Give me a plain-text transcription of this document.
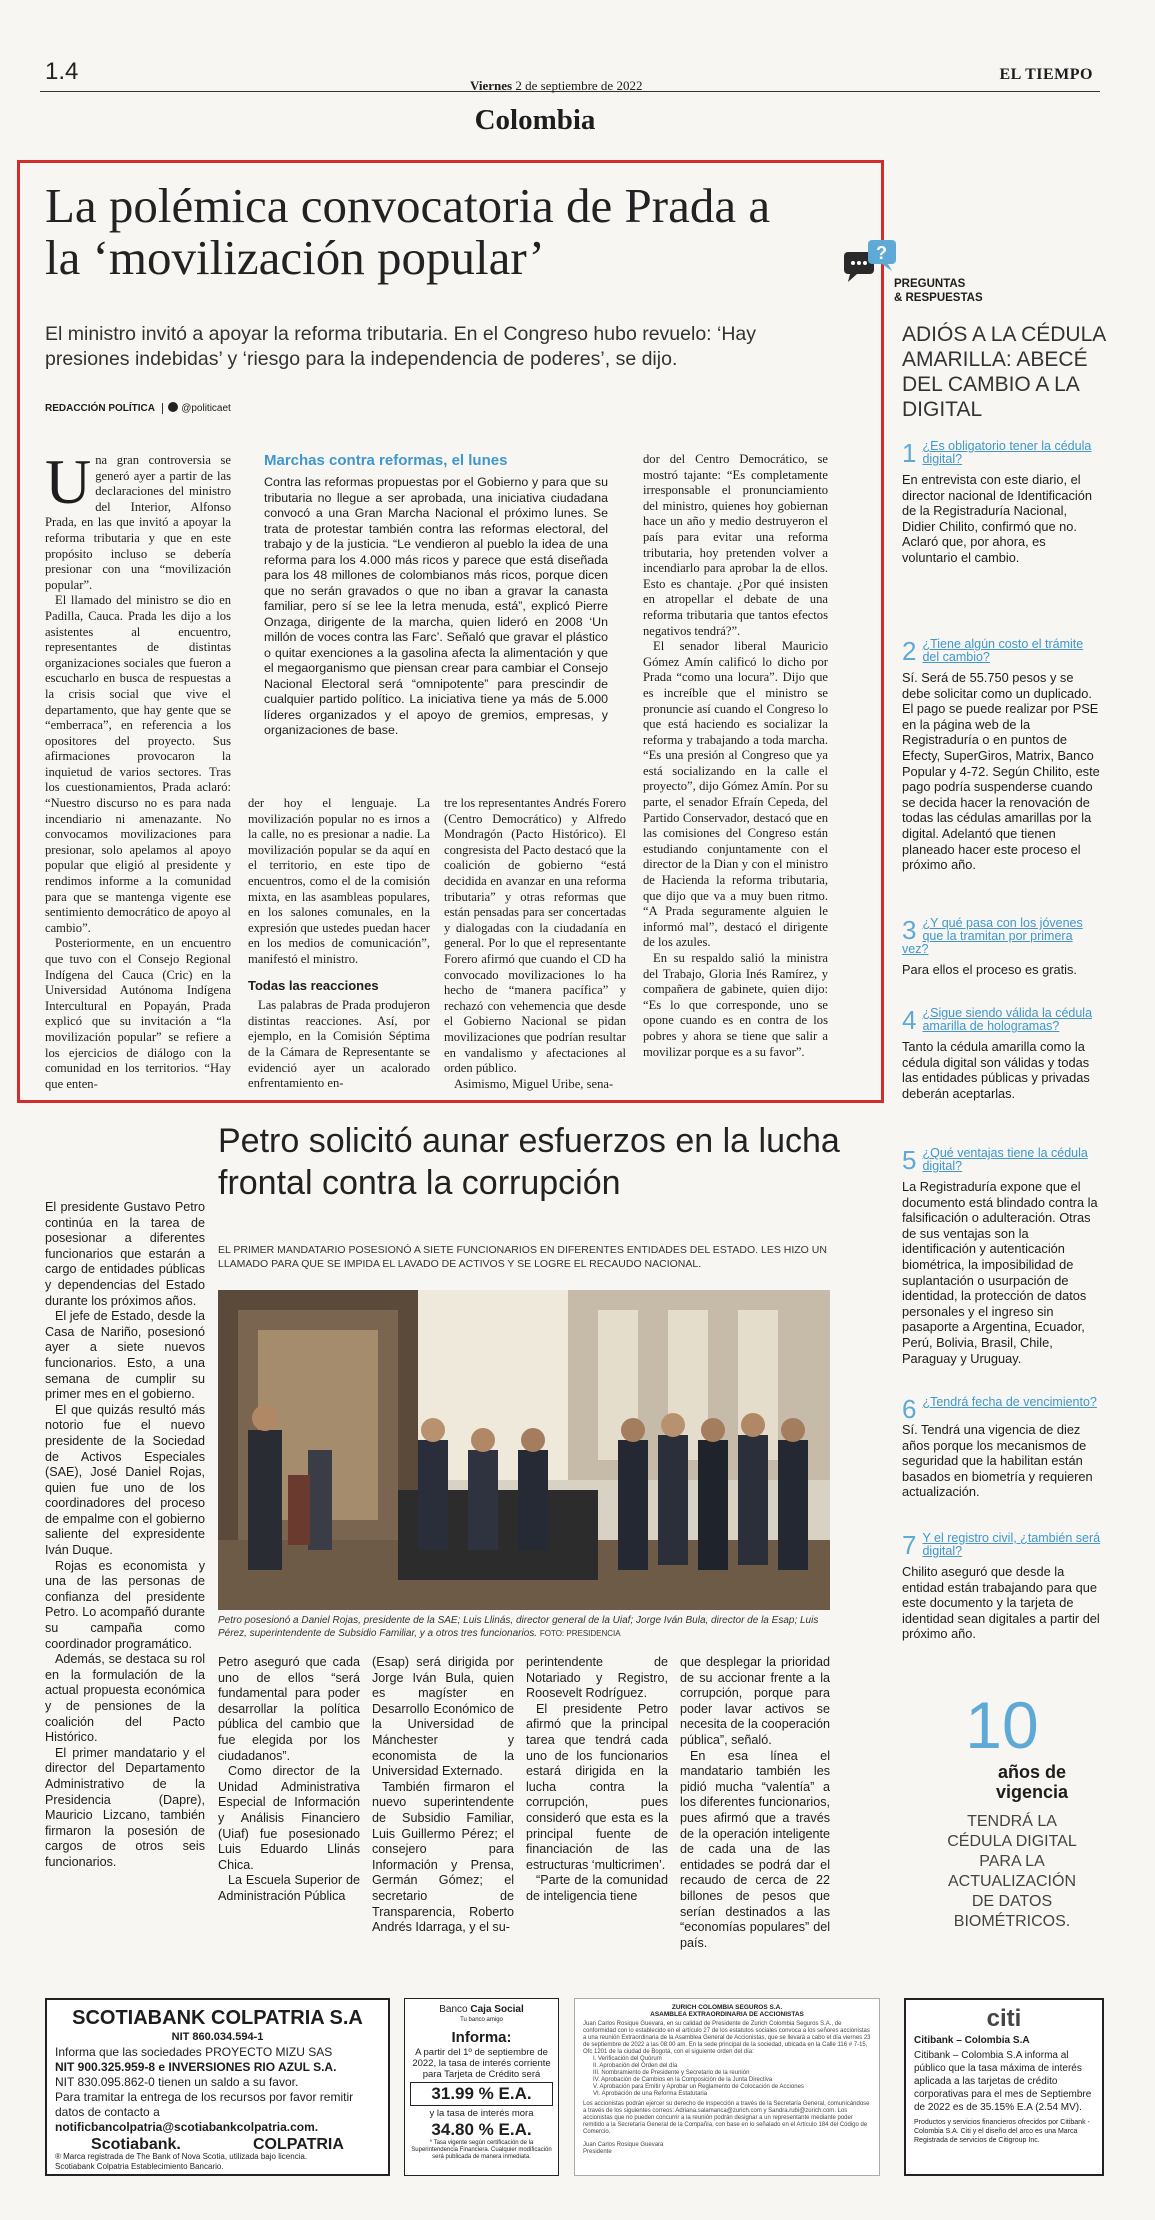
1.4
Viernes 2 de septiembre de 2022
EL TIEMPO
Colombia
La polémica convocatoria de Prada a la ‘movilización popular’
El ministro invitó a apoyar la reforma tributaria. En el Congreso hubo revuelo: ‘Hay presiones indebidas’ y ‘riesgo para la independencia de poderes’, se dijo.
REDACCIÓN POLÍTICA	@politicaet
U na gran controversia se generó ayer a partir de las declaraciones del ministro del Interior, Alfonso Prada, en las que invitó a apoyar la reforma tributaria y que en este propósito incluso se debería presionar con una “movilización popular”.

El llamado del ministro se dio en Padilla, Cauca. Prada les dijo a los asistentes al encuentro, representantes de distintas organizaciones sociales que fueron a escucharlo en busca de respuestas a la crisis social que vive el departamento, que hay gente que se “emberraca”, en referencia a los opositores del proyecto. Sus afirmaciones provocaron la inquietud de varios sectores. Tras los cuestionamientos, Prada aclaró: “Nuestro discurso no es para nada incendiario ni amenazante. No convocamos movilizaciones para presionar, solo apelamos al apoyo popular que eligió al presidente y rendimos informe a la comunidad para que se mantenga vigente ese sentimiento democrático de apoyo al cambio”.

Posteriormente, en un encuentro que tuvo con el Consejo Regional Indígena del Cauca (Cric) en la Universidad Autónoma Indígena Intercultural en Popayán, Prada explicó que su invitación a “la movilización popular” se refiere a los ejercicios de diálogo con la comunidad en los territorios. “Hay que enten-

Marchas contra reformas, el lunes
Contra las reformas propuestas por el Gobierno y para que su tributaria no llegue a ser aprobada, una iniciativa ciudadana convocó a una Gran Marcha Nacional el próximo lunes. Se trata de protestar también contra las reformas electoral, del trabajo y de la justicia. “Le vendieron al pueblo la idea de una reforma para los 4.000 más ricos y parece que está diseñada para los 48 millones de colombianos más ricos, porque dicen que no serán gravados o que no iban a gravar la canasta familiar, pero sí se lee la letra menuda, está”, explicó Pierre Onzaga, dirigente de la marcha, quien lideró en 2008 ‘Un millón de voces contra las Farc’. Señaló que gravar el plástico o quitar exenciones a la gasolina afecta la alimentación y que el megaorganismo que piensan crear para cambiar el Consejo Nacional Electoral será “omnipotente” para prescindir de cualquier partido político. La iniciativa tiene ya más de 5.000 líderes organizados y el apoyo de gremios, empresas, y organizaciones de base.

der hoy el lenguaje. La movilización popular no es irnos a la calle, no es presionar a nadie. La movilización popular se da aquí en el territorio, en este tipo de encuentros, como el de la comisión mixta, en las asambleas populares, en los salones comunales, en la expresión que ustedes puedan hacer en los medios de comunicación”, manifestó el ministro.

Todas las reacciones

Las palabras de Prada produjeron distintas reacciones. Así, por ejemplo, en la Comisión Séptima de la Cámara de Representante se evidenció ayer un acalorado enfrentamiento en-

tre los representantes Andrés Forero (Centro Democrático) y Alfredo Mondragón (Pacto Histórico). El congresista del Pacto destacó que la coalición de gobierno “está decidida en avanzar en una reforma tributaria” y otras reformas que están pensadas para ser concertadas y dialogadas con la ciudadanía en general. Por lo que el representante Forero afirmó que cuando el CD ha convocado movilizaciones lo ha hecho de “manera pacífica” y rechazó con vehemencia que desde el Gobierno Nacional se pidan movilizaciones que podrían resultar en vandalismo y afectaciones al orden público.

Asimismo, Miguel Uribe, sena-

dor del Centro Democrático, se mostró tajante: “Es completamente irresponsable el pronunciamiento del ministro, quienes hoy gobiernan hace un año y medio destruyeron el país para evitar una reforma tributaria, hoy pretenden volver a incendiarlo para aprobar la de ellos. Esto es chantaje. ¿Por qué insisten en atropellar el debate de una reforma tributaria que tantos efectos negativos tendrá?”.

El senador liberal Mauricio Gómez Amín calificó lo dicho por Prada “como una locura”. Dijo que es increíble que el ministro se pronuncie así cuando el Congreso lo que está haciendo es socializar la reforma y trabajando a toda marcha. “Es una presión al Congreso que ya está socializando en la calle el proyecto”, dijo Gómez Amín. Por su parte, el senador Efraín Cepeda, del Partido Conservador, destacó que en las comisiones del Congreso están estudiando conjuntamente con el director de la Dian y con el ministro de Hacienda la reforma tributaria, que dijo que va a muy buen ritmo. “A Prada seguramente alguien le informó mal”, destacó el dirigente de los azules.

En su respaldo salió la ministra del Trabajo, Gloria Inés Ramírez, y compañera de gabinete, quien dijo: “Es lo que corresponde, uno se opone cuando es en contra de los pobres y ahora se tiene que salir a movilizar porque es a su favor”.

?
PREGUNTAS
& RESPUESTAS
ADIÓS A LA CÉDULA AMARILLA: ABECÉ DEL CAMBIO A LA DIGITAL
1 ¿Es obligatorio tener la cédula digital?
En entrevista con este diario, el director nacional de Identificación de la Registraduría Nacional, Didier Chilito, confirmó que no. Aclaró que, por ahora, es voluntario el cambio.
2 ¿Tiene algún costo el trámite del cambio?
Sí. Será de 55.750 pesos y se debe solicitar como un duplicado. El pago se puede realizar por PSE en la página web de la Registraduría o en puntos de Efecty, SuperGiros, Matrix, Banco Popular y 4-72. Según Chilito, este pago podría suspenderse cuando se decida hacer la renovación de todas las cédulas amarillas por la digital. Adelantó que tienen planeado hacer este proceso el próximo año.
3 ¿Y qué pasa con los jóvenes que la tramitan por primera vez?
Para ellos el proceso es gratis.
4 ¿Sigue siendo válida la cédula amarilla de hologramas?
Tanto la cédula amarilla como la cédula digital son válidas y todas las entidades públicas y privadas deberán aceptarlas.
5 ¿Qué ventajas tiene la cédula digital?
La Registraduría expone que el documento está blindado contra la falsificación o adulteración. Otras de sus ventajas son la identificación y autenticación biométrica, la imposibilidad de suplantación o usurpación de identidad, la protección de datos personales y el ingreso sin pasaporte a Argentina, Ecuador, Perú, Bolivia, Brasil, Chile, Paraguay y Uruguay.
6 ¿Tendrá fecha de vencimiento?
Sí. Tendrá una vigencia de diez años porque los mecanismos de seguridad que la habilitan están basados en biometría y requieren actualización.
7 Y el registro civil, ¿también será digital?
Chilito aseguró que desde la entidad están trabajando para que este documento y la tarjeta de identidad sean digitales a partir del próximo año.
10
años de vigencia
TENDRÁ LA CÉDULA DIGITAL PARA LA ACTUALIZACIÓN DE DATOS BIOMÉTRICOS.
Petro solicitó aunar esfuerzos en la lucha frontal contra la corrupción
EL PRIMER MANDATARIO POSESIONÓ A SIETE FUNCIONARIOS EN DIFERENTES ENTIDADES DEL ESTADO. LES HIZO UN LLAMADO PARA QUE SE IMPIDA EL LAVADO DE ACTIVOS Y SE LOGRE EL RECAUDO NACIONAL.

El presidente Gustavo Petro continúa en la tarea de posesionar a diferentes funcionarios que estarán a cargo de entidades públicas y dependencias del Estado durante los próximos años.

El jefe de Estado, desde la Casa de Nariño, posesionó ayer a siete nuevos funcionarios. Esto, a una semana de cumplir su primer mes en el gobierno.

El que quizás resultó más notorio fue el nuevo presidente de la Sociedad de Activos Especiales (SAE), José Daniel Rojas, quien fue uno de los coordinadores del proceso de empalme con el gobierno saliente del expresidente Iván Duque.

Rojas es economista y una de las personas de confianza del presidente Petro. Lo acompañó durante su campaña como coordinador programático.

Además, se destaca su rol en la formulación de la actual propuesta económica y de pensiones de la coalición del Pacto Histórico.

El primer mandatario y el director del Departamento Administrativo de la Presidencia (Dapre), Mauricio Lizcano, también firmaron la posesión de cargos de otros seis funcionarios.

Petro posesionó a Daniel Rojas, presidente de la SAE; Luis Llinás, director general de la Uiaf; Jorge Iván Bula, director de la Esap; Luis Pérez, superintendente de Subsidio Familiar, y a otros tres funcionarios. FOTO: PRESIDENCIA

Petro aseguró que cada uno de ellos “será fundamental para poder desarrollar la política pública del cambio que fue elegida por los ciudadanos”.

Como director de la Unidad Administrativa Especial de Información y Análisis Financiero (Uiaf) fue posesionado Luis Eduardo Llinás Chica.

La Escuela Superior de Administración Pública

(Esap) será dirigida por Jorge Iván Bula, quien es magíster en Desarrollo Económico de la Universidad de Mánchester y economista de la Universidad Externado.

También firmaron el nuevo superintendente de Subsidio Familiar, Luis Guillermo Pérez; el consejero para Información y Prensa, Germán Gómez; el secretario de Transparencia, Roberto Andrés Idarraga, y el su-

perintendente de Notariado y Registro, Roosevelt Rodríguez.

El presidente Petro afirmó que la principal tarea que tendrá cada uno de los funcionarios estará dirigida en la lucha contra la corrupción, pues consideró que esta es la principal fuente de financiación de las estructuras ‘multicrimen’.

“Parte de la comunidad de inteligencia tiene

que desplegar la prioridad de su accionar frente a la corrupción, porque para poder lavar activos se necesita de la cooperación pública”, señaló.

En esa línea el mandatario también les pidió mucha “valentía” a los diferentes funcionarios, pues afirmó que a través de la operación inteligente de cada una de las entidades se podrá dar el recaudo de cerca de 22 billones de pesos que serían destinados a las “economías populares” del país.

SCOTIABANK COLPATRIA S.A
NIT 860.034.594-1
Informa que las sociedades PROYECTO MIZU SAS
NIT 900.325.959-8 e INVERSIONES RIO AZUL S.A.
NIT 830.095.862-0 tienen un saldo a su favor.
Para tramitar la entrega de los recursos por favor remitir datos de contacto a
notificbancolpatria@scotiabankcolpatria.com.
Scotiabank.	COLPATRIA
® Marca registrada de The Bank of Nova Scotia, utilizada bajo licencia.
Scotiabank Colpatria Establecimiento Bancario.
Banco Caja Social
Tu banco amigo
Informa:
A partir del 1º de septiembre de 2022, la tasa de interés corriente para Tarjeta de Crédito será
31.99 % E.A.
y la tasa de interés mora
34.80 % E.A.
* Tasa vigente según certificación de la Superintendencia Financiera. Cualquier modificación será publicada de manera inmediata.
ZURICH COLOMBIA SEGUROS S.A.
ASAMBLEA EXTRAORDINARIA DE ACCIONISTAS
Juan Carlos Rosique Guevara, en su calidad de Presidente de Zurich Colombia Seguros S.A., de conformidad con lo establecido en el artículo 27 de los estatutos sociales convoca a los señores accionistas a una reunión Extraordinaria de la Asamblea General de Accionistas, que se llevará a cabo el día viernes 23 de septiembre de 2022 a las 08:00 am. En la sede principal de la sociedad, ubicada en la Calle 116 # 7-15, Ofc 1201 de la ciudad de Bogotá, con el siguiente orden del día:
I. Verificación del Quórum
II. Aprobación del Orden del día
III. Nombramiento de Presidente y Secretario de la reunión
IV. Aprobación de Cambios en la Composición de la Junta Directiva
V. Aprobación para Emitir y Aprobar un Reglamento de Colocación de Acciones
VI. Aprobación de una Reforma Estatutaria
Los accionistas podrán ejercer su derecho de inspección a través de la Secretaría General, comunicándose a través de los siguientes correos: Adriana.salamanca@zurich.com y Sandra.rubi@zurich.com. Los accionistas que no pueden concurrir a la reunión podrán designar a un representante mediante poder remitido a la Secretaría General de la Compañía, con base en lo señalado en el Artículo 184 del Código de Comercio.
Juan Carlos Rosique Guevara
Presidente
citi
Citibank – Colombia S.A
Citibank – Colombia S.A informa al público que la tasa máxima de interés aplicada a las tarjetas de crédito corporativas para el mes de Septiembre de 2022 es de 35.15% E.A (2.54 MV).
Productos y servicios financieros ofrecidos por Citibank - Colombia S.A. Citi y el diseño del arco es una Marca Registrada de servicios de Citigroup Inc.
